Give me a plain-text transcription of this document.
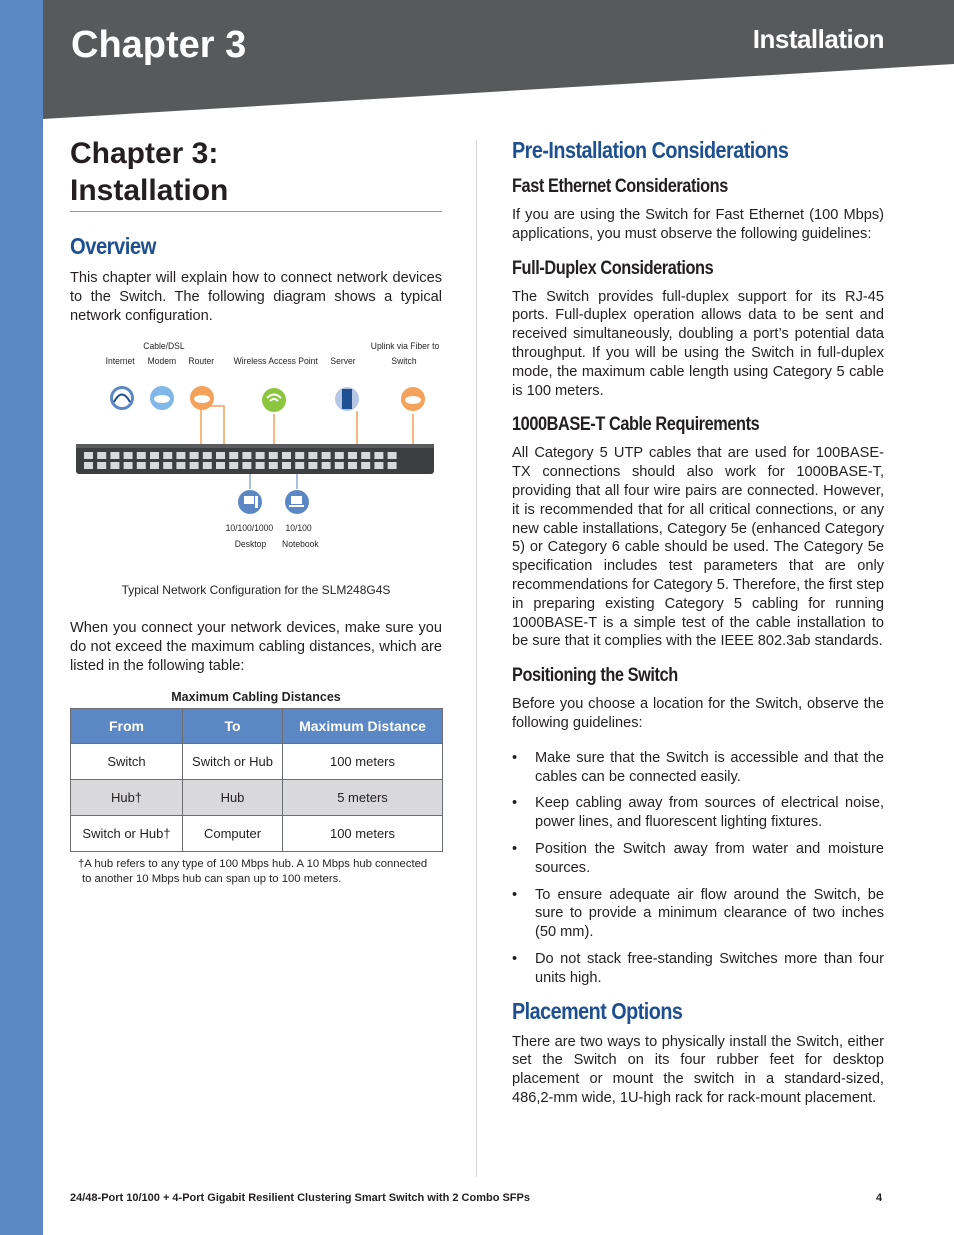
Chapter 3	Installation
Chapter 3:
Installation
Overview

This chapter will explain how to connect network devices to the Switch. The following diagram shows a typical network configuration.

Cable/DSL
Internet Modem Router Wireless Access Point Server
Uplink via Fiber to
Switch
10/100/1000 10/100
Desktop Notebook
Typical Network Configuration for the SLM248G4S

When you connect your network devices, make sure you do not exceed the maximum cabling distances, which are listed in the following table:

Maximum Cabling Distances
From	To	Maximum Distance
Switch	Switch or Hub	100 meters
Hub†	Hub	5 meters
Switch or Hub†	Computer	100 meters
†A hub refers to any type of 100 Mbps hub. A 10 Mbps hub connected
to another 10 Mbps hub can span up to 100 meters.
Pre-Installation Considerations
Fast Ethernet Considerations

If you are using the Switch for Fast Ethernet (100 Mbps) applications, you must observe the following guidelines:

Full-Duplex Considerations

The Switch provides full-duplex support for its RJ-45 ports. Full-duplex operation allows data to be sent and received simultaneously, doubling a port’s potential data throughput. If you will be using the Switch in full-duplex mode, the maximum cable length using Category 5 cable is 100 meters.

1000BASE-T Cable Requirements

All Category 5 UTP cables that are used for 100BASE-TX connections should also work for 1000BASE-T, providing that all four wire pairs are connected. However, it is recommended that for all critical connections, or any new cable installations, Category 5e (enhanced Category 5) or Category 6 cable should be used. The Category 5e specification includes test parameters that are only recommendations for Category 5. Therefore, the first step in preparing existing Category 5 cabling for running 1000BASE-T is a simple test of the cable installation to be sure that it complies with the IEEE 802.3ab standards.

Positioning the Switch

Before you choose a location for the Switch, observe the following guidelines:

• Make sure that the Switch is accessible and that the cables can be connected easily.
• Keep cabling away from sources of electrical noise, power lines, and fluorescent lighting fixtures.
• Position the Switch away from water and moisture sources.
• To ensure adequate air flow around the Switch, be sure to provide a minimum clearance of two inches (50 mm).
• Do not stack free-standing Switches more than four units high.
Placement Options

There are two ways to physically install the Switch, either set the Switch on its four rubber feet for desktop placement or mount the switch in a standard-sized, 486,2-mm wide, 1U-high rack for rack-mount placement.

24/48-Port 10/100 + 4-Port Gigabit Resilient Clustering Smart Switch with 2 Combo SFPs	4
